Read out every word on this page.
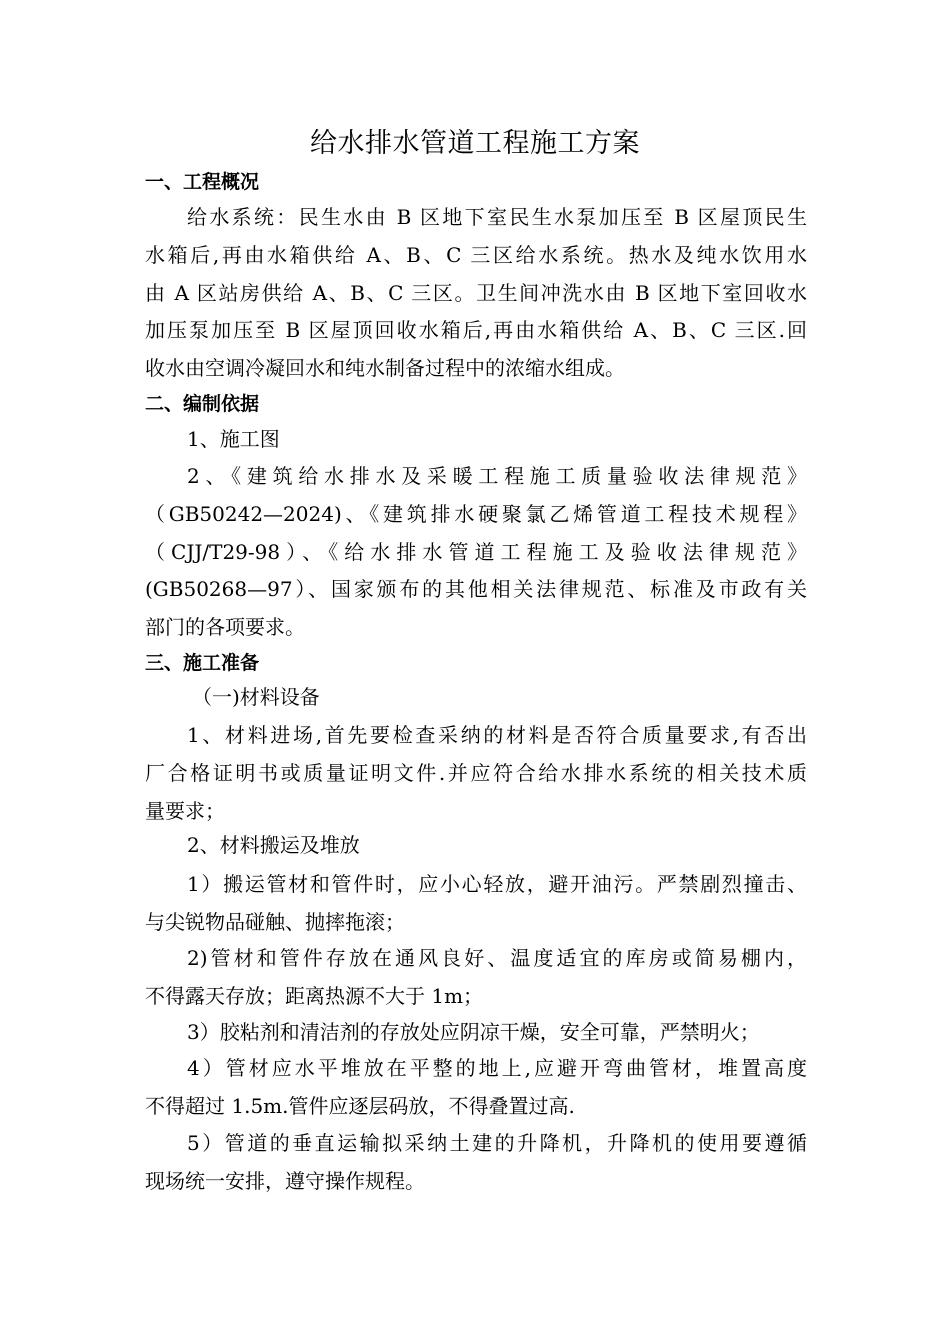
给水排水管道工程施工方案
一、工程概况
给水系统：民生水由 B 区地下室民生水泵加压至 B 区屋顶民生
水箱后,再由水箱供给 A、B、C 三区给水系统。热水及纯水饮用水
由 A 区站房供给 A、B、C 三区。卫生间冲洗水由 B 区地下室回收水
加压泵加压至 B 区屋顶回收水箱后,再由水箱供给 A、B、C 三区.回
收水由空调冷凝回水和纯水制备过程中的浓缩水组成。
二、编制依据
1、施工图
2、《建筑给水排水及采暖工程施工质量验收法律规范》
（GB50242—2024)、《建筑排水硬聚氯乙烯管道工程技术规程》
（CJJ/T29-98）、《给水排水管道工程施工及验收法律规范》
(GB50268—97）、国家颁布的其他相关法律规范、标准及市政有关
部门的各项要求。
三、施工准备
（一)材料设备
1、材料进场,首先要检查采纳的材料是否符合质量要求,有否出
厂合格证明书或质量证明文件.并应符合给水排水系统的相关技术质
量要求；
2、材料搬运及堆放
1）搬运管材和管件时，应小心轻放，避开油污。严禁剧烈撞击、
与尖锐物品碰触、抛摔拖滚；
2)管材和管件存放在通风良好、温度适宜的库房或简易棚内，
不得露天存放；距离热源不大于 1m；
3）胶粘剂和清洁剂的存放处应阴凉干燥，安全可靠，严禁明火；
4）管材应水平堆放在平整的地上,应避开弯曲管材，堆置高度
不得超过 1.5m.管件应逐层码放，不得叠置过高.
5）管道的垂直运输拟采纳土建的升降机，升降机的使用要遵循
现场统一安排，遵守操作规程。
